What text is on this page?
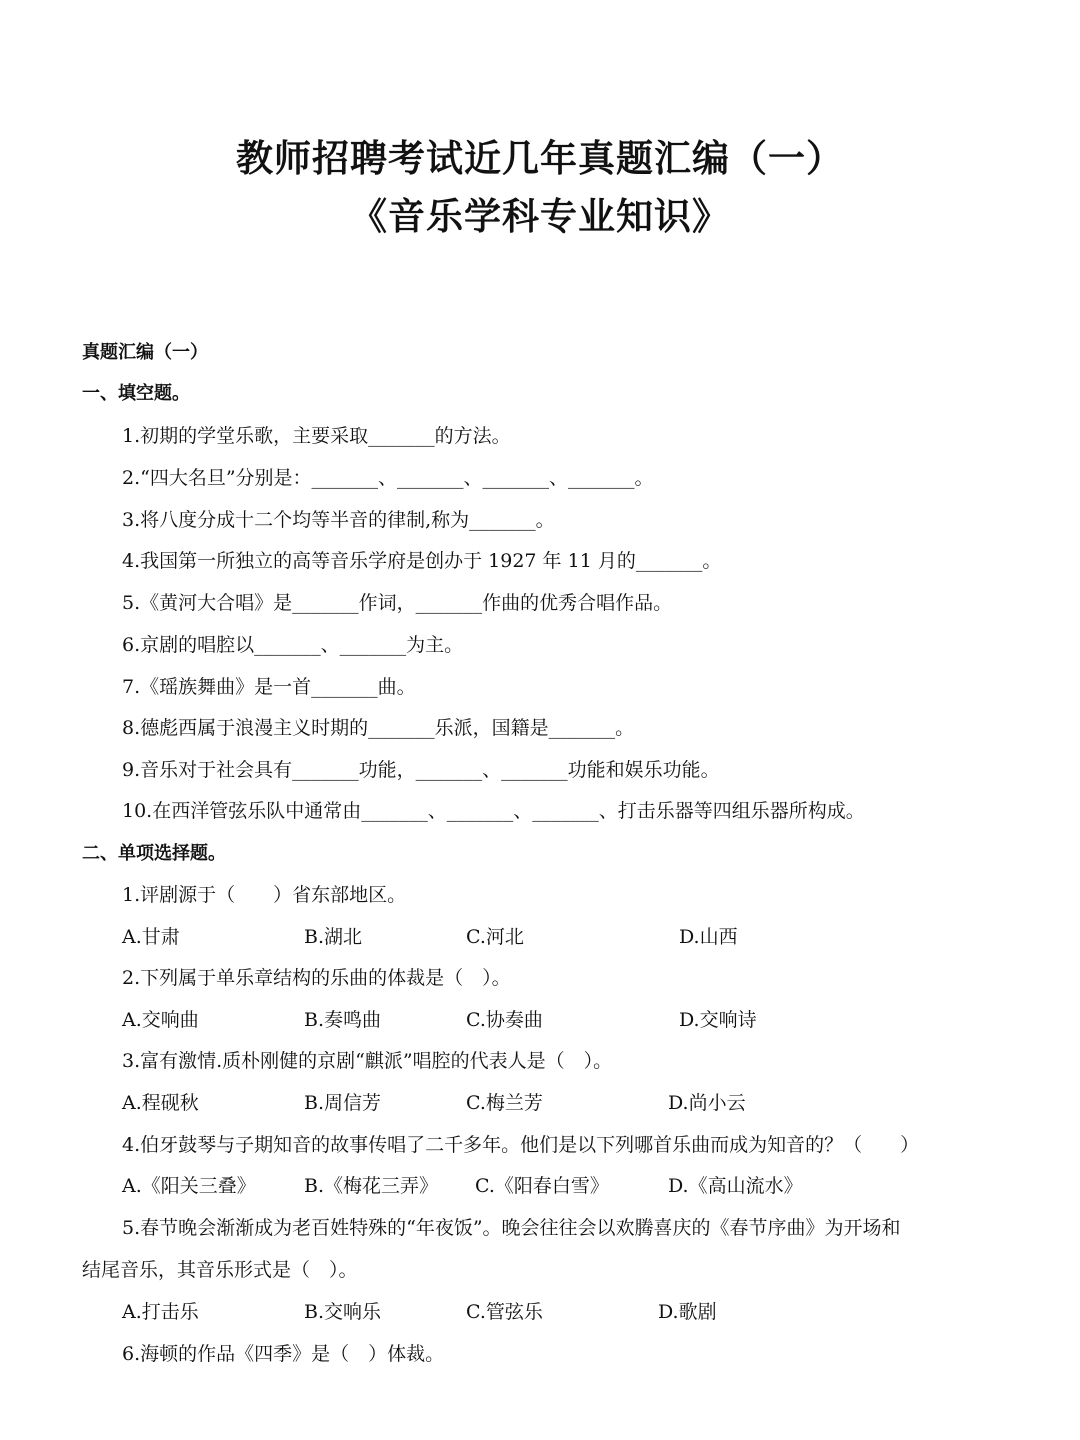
教师招聘考试近几年真题汇编（一）
《音乐学科专业知识》
真题汇编（一）
一、填空题。
1.初期的学堂乐歌，主要采取_______的方法。
2.“四大名旦”分别是：_______、_______、_______、_______。
3.将八度分成十二个均等半音的律制,称为_______。
4.我国第一所独立的高等音乐学府是创办于 1927 年 11 月的_______。
5.《黄河大合唱》是_______作词，_______作曲的优秀合唱作品。
6.京剧的唱腔以_______、_______为主。
7.《瑶族舞曲》是一首_______曲。
8.德彪西属于浪漫主义时期的_______乐派，国籍是_______。
9.音乐对于社会具有_______功能，_______、_______功能和娱乐功能。
10.在西洋管弦乐队中通常由_______、_______、_______、打击乐器等四组乐器所构成。
二、单项选择题。
1.评剧源于（　　）省东部地区。
A.甘肃	B.湖北	C.河北	D.山西
2.下列属于单乐章结构的乐曲的体裁是（　）。
A.交响曲	B.奏鸣曲	C.协奏曲	D.交响诗
3.富有激情.质朴刚健的京剧“麒派”唱腔的代表人是（　）。
A.程砚秋	B.周信芳	C.梅兰芳	D.尚小云
4.伯牙鼓琴与子期知音的故事传唱了二千多年。他们是以下列哪首乐曲而成为知音的？（　　）
A.《阳关三叠》	B.《梅花三弄》 C.《阳春白雪》	D.《高山流水》
5.春节晚会渐渐成为老百姓特殊的“年夜饭”。晚会往往会以欢腾喜庆的《春节序曲》为开场和
结尾音乐，其音乐形式是（　）。
A.打击乐	B.交响乐	C.管弦乐	D.歌剧
6.海顿的作品《四季》是（　）体裁。
